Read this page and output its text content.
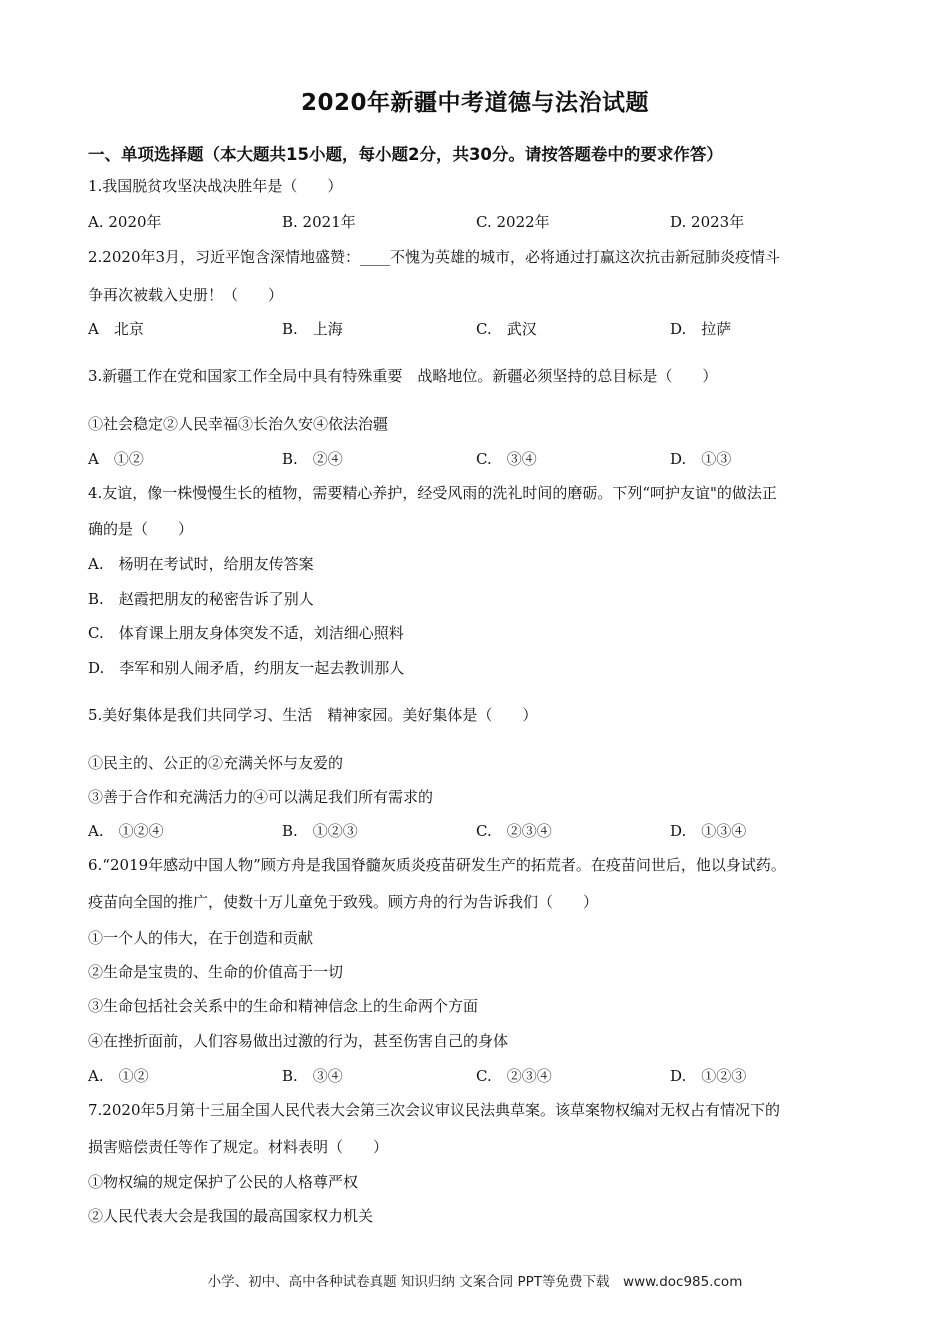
2020年新疆中考道德与法治试题
一、单项选择题（本大题共15小题，每小题2分，共30分。请按答题卷中的要求作答）
1.我国脱贫攻坚决战决胜年是（　　）
A. 2020年	B. 2021年	C. 2022年	D. 2023年
2.2020年3月，习近平饱含深情地盛赞：____不愧为英雄的城市，必将通过打赢这次抗击新冠肺炎疫情斗
争再次被载入史册！（　　）
A　北京	B.　上海	C.　武汉	D.　拉萨
3.新疆工作在党和国家工作全局中具有特殊重要　战略地位。新疆必须坚持的总目标是（　　）
①社会稳定②人民幸福③长治久安④依法治疆
A　①②	B.　②④	C.　③④	D.　①③
4.友谊，像一株慢慢生长的植物，需要精心养护，经受风雨的洗礼时间的磨砺。下列“呵护友谊"的做法正
确的是（　　）
A.　杨明在考试时，给朋友传答案
B.　赵霞把朋友的秘密告诉了别人
C.　体育课上朋友身体突发不适，刘洁细心照料
D.　李军和别人闹矛盾，约朋友一起去教训那人
5.美好集体是我们共同学习、生活　精神家园。美好集体是（　　）
①民主的、公正的②充满关怀与友爱的
③善于合作和充满活力的④可以满足我们所有需求的
A.　①②④	B.　①②③	C.　②③④	D.　①③④
6.“2019年感动中国人物”顾方舟是我国脊髓灰质炎疫苗研发生产的拓荒者。在疫苗问世后，他以身试药。
疫苗向全国的推广，使数十万儿童免于致残。顾方舟的行为告诉我们（　　）
①一个人的伟大，在于创造和贡献
②生命是宝贵的、生命的价值高于一切
③生命包括社会关系中的生命和精神信念上的生命两个方面
④在挫折面前，人们容易做出过激的行为，甚至伤害自己的身体
A.　①②	B.　③④	C.　②③④	D.　①②③
7.2020年5月第十三届全国人民代表大会第三次会议审议民法典草案。该草案物权编对无权占有情况下的
损害赔偿责任等作了规定。材料表明（　　）
①物权编的规定保护了公民的人格尊严权
②人民代表大会是我国的最高国家权力机关
小学、初中、高中各种试卷真题 知识归纳 文案合同 PPT等免费下载　www.doc985.com
